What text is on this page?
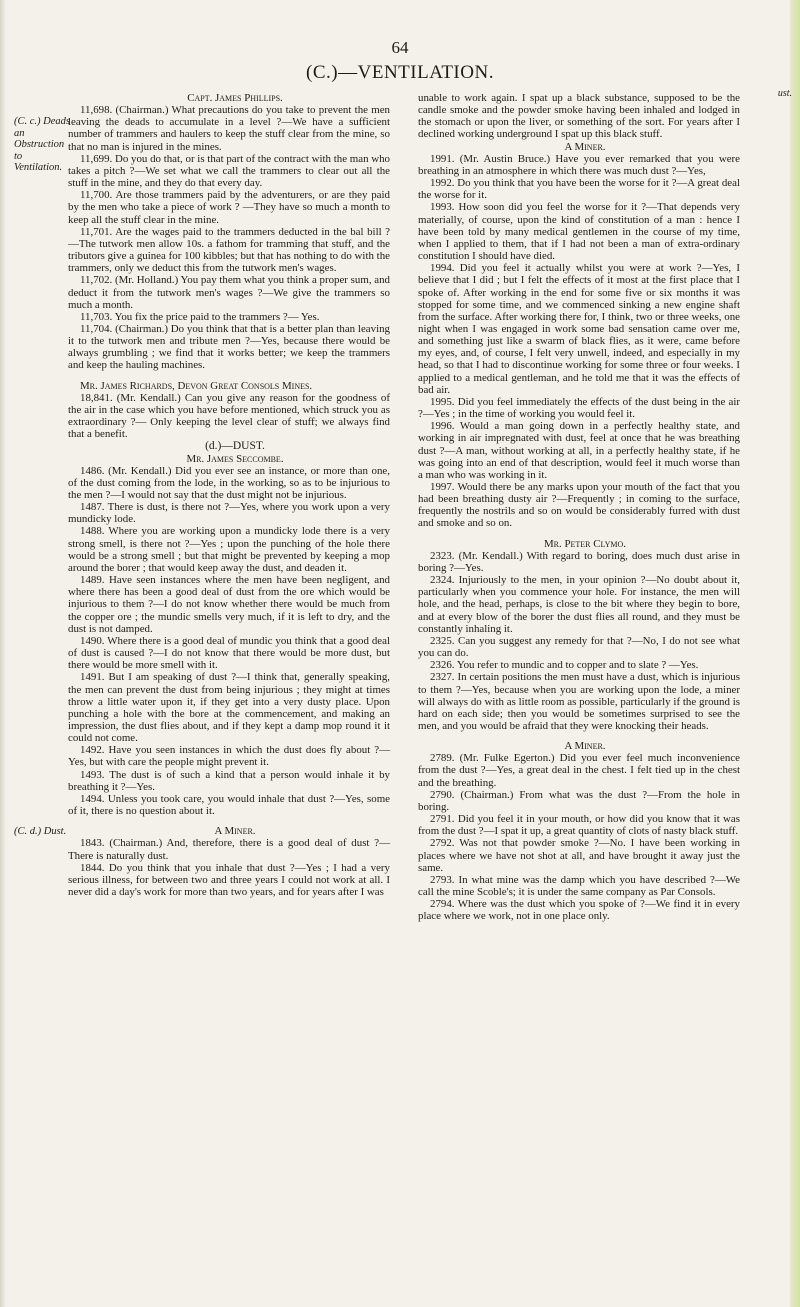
64
(C.)—VENTILATION.
(C. c.) Deads an Obstruction to Ventilation.
(C. d.) Dust.
ust.

Capt. James Phillips.

11,698. (Chairman.) What precautions do you take to prevent the men leaving the deads to accumulate in a level ?—We have a sufficient number of trammers and haulers to keep the stuff clear from the mine, so that no man is injured in the mines.

11,699. Do you do that, or is that part of the contract with the man who takes a pitch ?—We set what we call the trammers to clear out all the stuff in the mine, and they do that every day.

11,700. Are those trammers paid by the adventurers, or are they paid by the men who take a piece of work ? —They have so much a month to keep all the stuff clear in the mine.

11,701. Are the wages paid to the trammers deducted in the bal bill ?—The tutwork men allow 10s. a fathom for tramming that stuff, and the tributors give a guinea for 100 kibbles; but that has nothing to do with the trammers, only we deduct this from the tutwork men's wages.

11,702. (Mr. Holland.) You pay them what you think a proper sum, and deduct it from the tutwork men's wages ?—We give the trammers so much a month.

11,703. You fix the price paid to the trammers ?— Yes.

11,704. (Chairman.) Do you think that that is a better plan than leaving it to the tutwork men and tribute men ?—Yes, because there would be always grumbling ; we find that it works better; we keep the trammers and keep the hauling machines.

Mr. James Richards, Devon Great Consols Mines.

18,841. (Mr. Kendall.) Can you give any reason for the goodness of the air in the case which you have before mentioned, which struck you as extraordinary ?— Only keeping the level clear of stuff; we always find that a benefit.

(d.)—DUST.

Mr. James Seccombe.

1486. (Mr. Kendall.) Did you ever see an instance, or more than one, of the dust coming from the lode, in the working, so as to be injurious to the men ?—I would not say that the dust might not be injurious.

1487. There is dust, is there not ?—Yes, where you work upon a very mundicky lode.

1488. Where you are working upon a mundicky lode there is a very strong smell, is there not ?—Yes ; upon the punching of the hole there would be a strong smell ; but that might be prevented by keeping a mop around the borer ; that would keep away the dust, and deaden it.

1489. Have seen instances where the men have been negligent, and where there has been a good deal of dust from the ore which would be injurious to them ?—I do not know whether there would be much from the copper ore ; the mundic smells very much, if it is left to dry, and the dust is not damped.

1490. Where there is a good deal of mundic you think that a good deal of dust is caused ?—I do not know that there would be more dust, but there would be more smell with it.

1491. But I am speaking of dust ?—I think that, generally speaking, the men can prevent the dust from being injurious ; they might at times throw a little water upon it, if they get into a very dusty place. Upon punching a hole with the bore at the commencement, and making an impression, the dust flies about, and if they kept a damp mop round it it could not come.

1492. Have you seen instances in which the dust does fly about ?—Yes, but with care the people might prevent it.

1493. The dust is of such a kind that a person would inhale it by breathing it ?—Yes.

1494. Unless you took care, you would inhale that dust ?—Yes, some of it, there is no question about it.

A Miner.

1843. (Chairman.) And, therefore, there is a good deal of dust ?—There is naturally dust.

1844. Do you think that you inhale that dust ?—Yes ; I had a very serious illness, for between two and three years I could not work at all. I never did a day's work for more than two years, and for years after I was

unable to work again. I spat up a black substance, supposed to be the candle smoke and the powder smoke having been inhaled and lodged in the stomach or upon the liver, or something of the sort. For years after I declined working underground I spat up this black stuff.

A Miner.

1991. (Mr. Austin Bruce.) Have you ever remarked that you were breathing in an atmosphere in which there was much dust ?—Yes,

1992. Do you think that you have been the worse for it ?—A great deal the worse for it.

1993. How soon did you feel the worse for it ?—That depends very materially, of course, upon the kind of constitution of a man : hence I have been told by many medical gentlemen in the course of my time, when I applied to them, that if I had not been a man of extra-ordinary constitution I should have died.

1994. Did you feel it actually whilst you were at work ?—Yes, I believe that I did ; but I felt the effects of it most at the first place that I spoke of. After working in the end for some five or six months it was stopped for some time, and we commenced sinking a new engine shaft from the surface. After working there for, I think, two or three weeks, one night when I was engaged in work some bad sensation came over me, and something just like a swarm of black flies, as it were, came before my eyes, and, of course, I felt very unwell, indeed, and especially in my head, so that I had to discontinue working for some three or four weeks. I applied to a medical gentleman, and he told me that it was the effects of bad air.

1995. Did you feel immediately the effects of the dust being in the air ?—Yes ; in the time of working you would feel it.

1996. Would a man going down in a perfectly healthy state, and working in air impregnated with dust, feel at once that he was breathing dust ?—A man, without working at all, in a perfectly healthy state, if he was going into an end of that description, would feel it much worse than a man who was working in it.

1997. Would there be any marks upon your mouth of the fact that you had been breathing dusty air ?—Frequently ; in coming to the surface, frequently the nostrils and so on would be considerably furred with dust and smoke and so on.

Mr. Peter Clymo.

2323. (Mr. Kendall.) With regard to boring, does much dust arise in boring ?—Yes.

2324. Injuriously to the men, in your opinion ?—No doubt about it, particularly when you commence your hole. For instance, the men will hole, and the head, perhaps, is close to the bit where they begin to bore, and at every blow of the borer the dust flies all round, and they must be constantly inhaling it.

2325. Can you suggest any remedy for that ?—No, I do not see what you can do.

2326. You refer to mundic and to copper and to slate ? —Yes.

2327. In certain positions the men must have a dust, which is injurious to them ?—Yes, because when you are working upon the lode, a miner will always do with as little room as possible, particularly if the ground is hard on each side; then you would be sometimes surprised to see the men, and you would be afraid that they were knocking their heads.

A Miner.

2789. (Mr. Fulke Egerton.) Did you ever feel much inconvenience from the dust ?—Yes, a great deal in the chest. I felt tied up in the chest and the breathing.

2790. (Chairman.) From what was the dust ?—From the hole in boring.

2791. Did you feel it in your mouth, or how did you know that it was from the dust ?—I spat it up, a great quantity of clots of nasty black stuff.

2792. Was not that powder smoke ?—No. I have been working in places where we have not shot at all, and have brought it away just the same.

2793. In what mine was the damp which you have described ?—We call the mine Scoble's; it is under the same company as Par Consols.

2794. Where was the dust which you spoke of ?—We find it in every place where we work, not in one place only.
